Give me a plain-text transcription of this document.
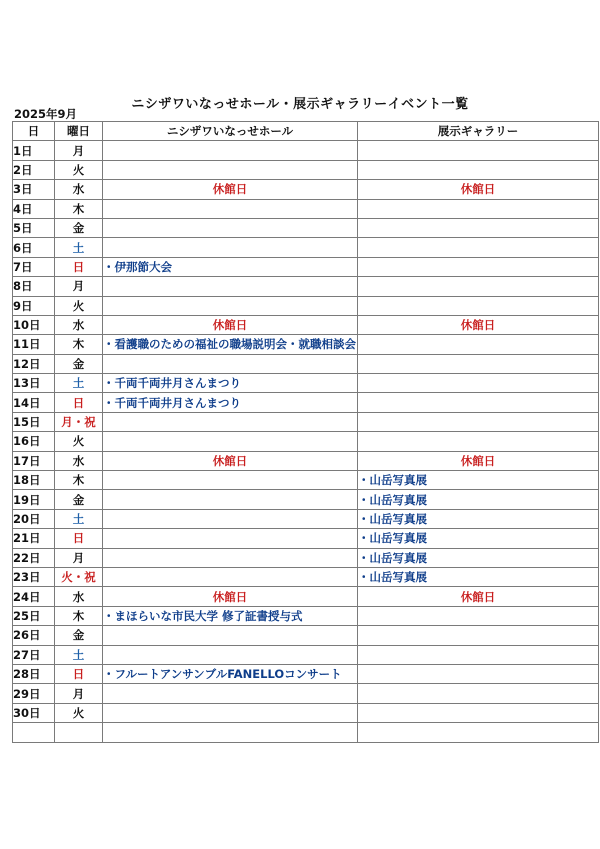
ニシザワいなっせホール・展示ギャラリーイベント一覧
2025年9月
日	曜日	ニシザワいなっせホール	展示ギャラリー
1日	月		
2日	火		
3日	水	休館日	休館日
4日	木		
5日	金		
6日	土		
7日	日	・伊那節大会	
8日	月		
9日	火		
10日	水	休館日	休館日
11日	木	・看護職のための福祉の職場説明会・就職相談会	
12日	金		
13日	土	・千両千両井月さんまつり	
14日	日	・千両千両井月さんまつり	
15日	月・祝		
16日	火		
17日	水	休館日	休館日
18日	木		・山岳写真展
19日	金		・山岳写真展
20日	土		・山岳写真展
21日	日		・山岳写真展
22日	月		・山岳写真展
23日	火・祝		・山岳写真展
24日	水	休館日	休館日
25日	木	・まほらいな市民大学 修了証書授与式	
26日	金		
27日	土		
28日	日	・フルートアンサンブルFANELLOコンサート	
29日	月		
30日	火		
